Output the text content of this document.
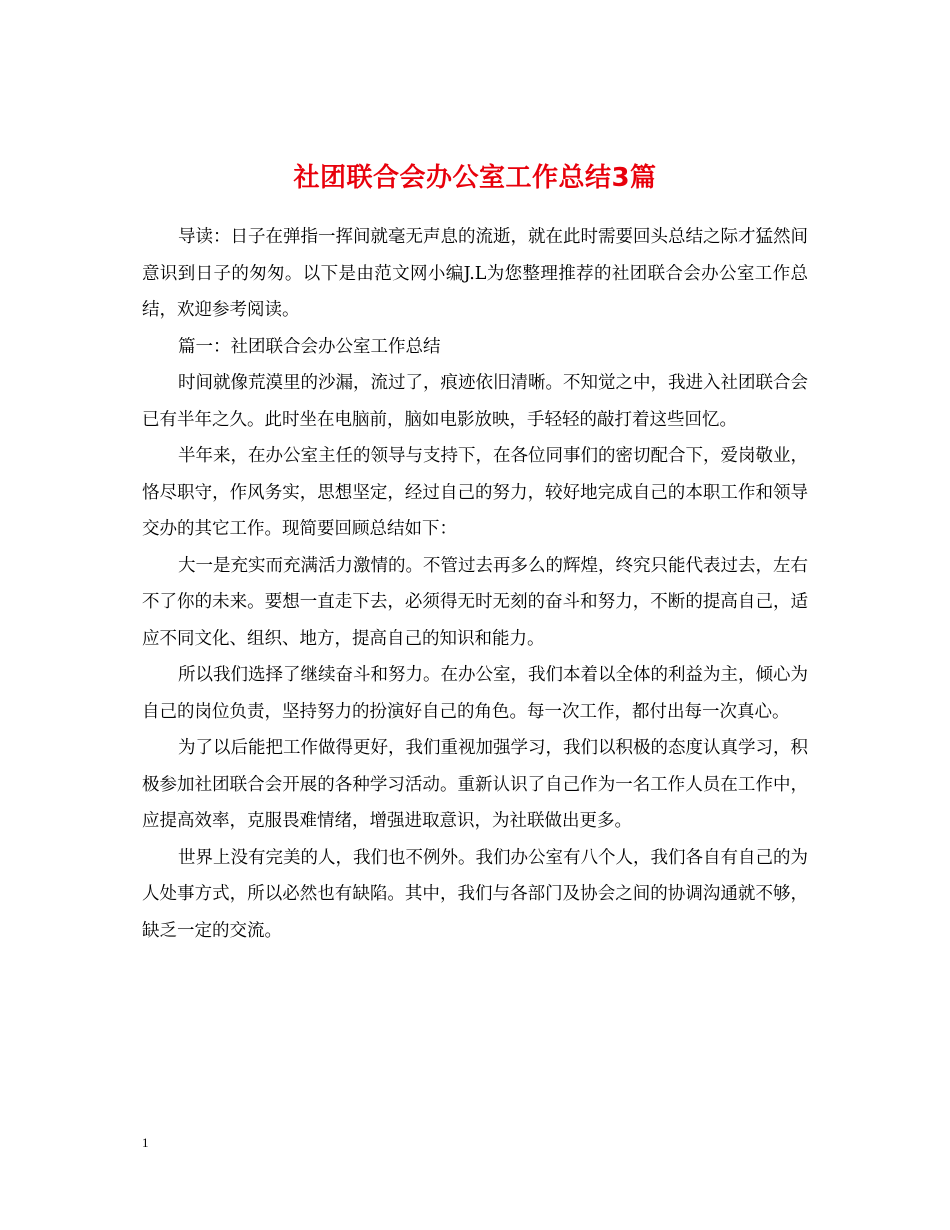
社团联合会办公室工作总结3篇

导读：日子在弹指一挥间就毫无声息的流逝，就在此时需要回头总结之际才猛然间意识到日子的匆匆。以下是由范文网小编J.L为您整理推荐的社团联合会办公室工作总结，欢迎参考阅读。

篇一：社团联合会办公室工作总结

时间就像荒漠里的沙漏，流过了，痕迹依旧清晰。不知觉之中，我进入社团联合会已有半年之久。此时坐在电脑前，脑如电影放映，手轻轻的敲打着这些回忆。

半年来，在办公室主任的领导与支持下，在各位同事们的密切配合下，爱岗敬业，恪尽职守，作风务实，思想坚定，经过自己的努力，较好地完成自己的本职工作和领导交办的其它工作。现简要回顾总结如下：

大一是充实而充满活力激情的。不管过去再多么的辉煌，终究只能代表过去，左右不了你的未来。要想一直走下去，必须得无时无刻的奋斗和努力，不断的提高自己，适应不同文化、组织、地方，提高自己的知识和能力。

所以我们选择了继续奋斗和努力。在办公室，我们本着以全体的利益为主，倾心为自己的岗位负责，坚持努力的扮演好自己的角色。每一次工作，都付出每一次真心。

为了以后能把工作做得更好，我们重视加强学习，我们以积极的态度认真学习，积极参加社团联合会开展的各种学习活动。重新认识了自己作为一名工作人员在工作中，应提高效率，克服畏难情绪，增强进取意识，为社联做出更多。

世界上没有完美的人，我们也不例外。我们办公室有八个人，我们各自有自己的为人处事方式，所以必然也有缺陷。其中，我们与各部门及协会之间的协调沟通就不够，缺乏一定的交流。

1
